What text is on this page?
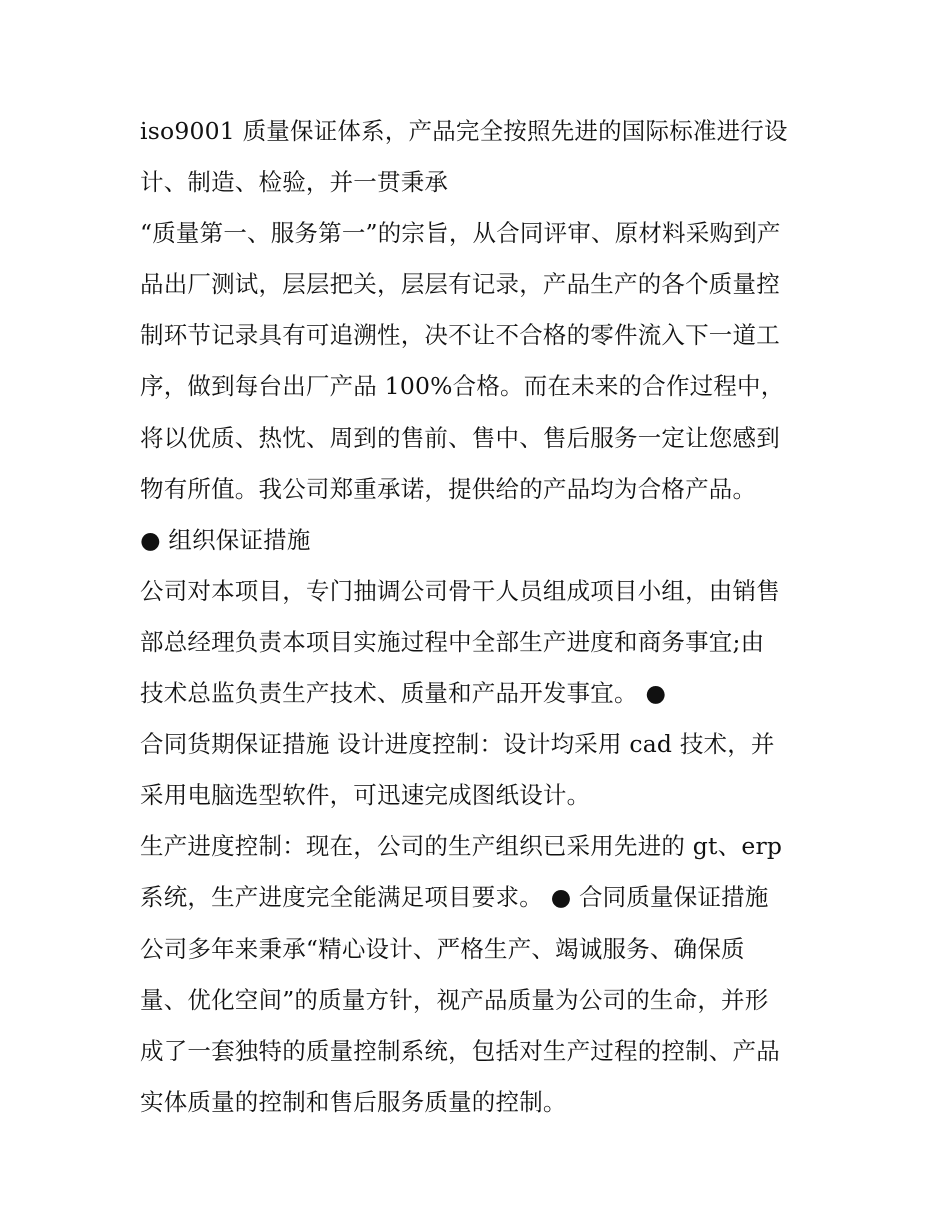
iso9001 质量保证体系，产品完全按照先进的国际标准进行设
计、制造、检验，并一贯秉承
“质量第一、服务第一”的宗旨，从合同评审、原材料采购到产
品出厂测试，层层把关，层层有记录，产品生产的各个质量控
制环节记录具有可追溯性，决不让不合格的零件流入下一道工
序，做到每台出厂产品 100%合格。而在未来的合作过程中，
将以优质、热忱、周到的售前、售中、售后服务一定让您感到
物有所值。我公司郑重承诺，提供给的产品均为合格产品。
● 组织保证措施
公司对本项目，专门抽调公司骨干人员组成项目小组，由销售
部总经理负责本项目实施过程中全部生产进度和商务事宜;由
技术总监负责生产技术、质量和产品开发事宜。 ●
合同货期保证措施 设计进度控制：设计均采用 cad 技术，并
采用电脑选型软件，可迅速完成图纸设计。
生产进度控制：现在，公司的生产组织已采用先进的 gt、erp
系统，生产进度完全能满足项目要求。 ● 合同质量保证措施
公司多年来秉承“精心设计、严格生产、竭诚服务、确保质
量、优化空间”的质量方针，视产品质量为公司的生命，并形
成了一套独特的质量控制系统，包括对生产过程的控制、产品
实体质量的控制和售后服务质量的控制。
